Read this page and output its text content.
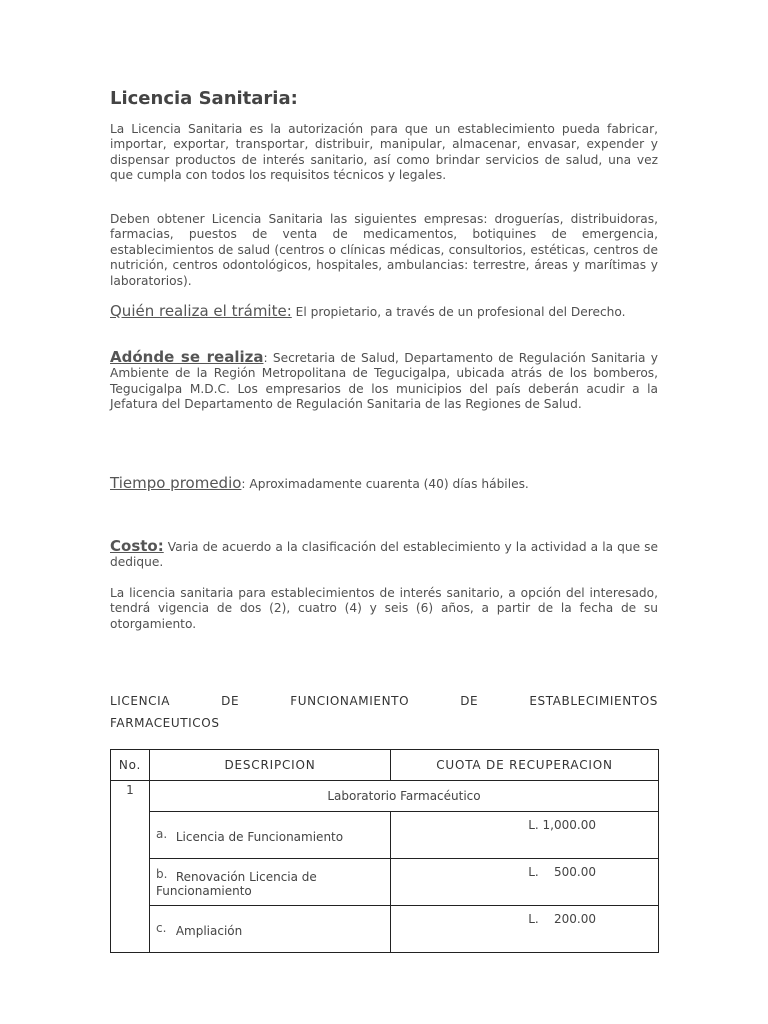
Licencia Sanitaria:

La Licencia Sanitaria es la autorización para que un establecimiento pueda fabricar, importar, exportar, transportar, distribuir, manipular, almacenar, envasar, expender y dispensar productos de interés sanitario, así como brindar servicios de salud, una vez que cumpla con todos los requisitos técnicos y legales.

Deben obtener Licencia Sanitaria las siguientes empresas: droguerías, distribuidoras, farmacias, puestos de venta de medicamentos, botiquines de emergencia, establecimientos de salud (centros o clínicas médicas, consultorios, estéticas, centros de nutrición, centros odontológicos, hospitales, ambulancias: terrestre, áreas y marítimas y laboratorios).

Quién realiza el trámite: El propietario, a través de un profesional del Derecho.

Adónde se realiza: Secretaria de Salud, Departamento de Regulación Sanitaria y Ambiente de la Región Metropolitana de Tegucigalpa, ubicada atrás de los bomberos, Tegucigalpa M.D.C. Los empresarios de los municipios del país deberán acudir a la Jefatura del Departamento de Regulación Sanitaria de las Regiones de Salud.

Tiempo promedio: Aproximadamente cuarenta (40) días hábiles.

Costo: Varia de acuerdo a la clasificación del establecimiento y la actividad a la que se dedique.

La licencia sanitaria para establecimientos de interés sanitario, a opción del interesado, tendrá vigencia de dos (2), cuatro (4) y seis (6) años, a partir de la fecha de su otorgamiento.

LICENCIA DE FUNCIONAMIENTO DE ESTABLECIMIENTOS

FARMACEUTICOS

No.	DESCRIPCION	CUOTA DE RECUPERACION
1	Laboratorio Farmacéutico	
	a. Licencia de Funcionamiento	L. 1,000.00
	b. Renovación Licencia de Funcionamiento	L.    500.00
	c. Ampliación	L.    200.00
